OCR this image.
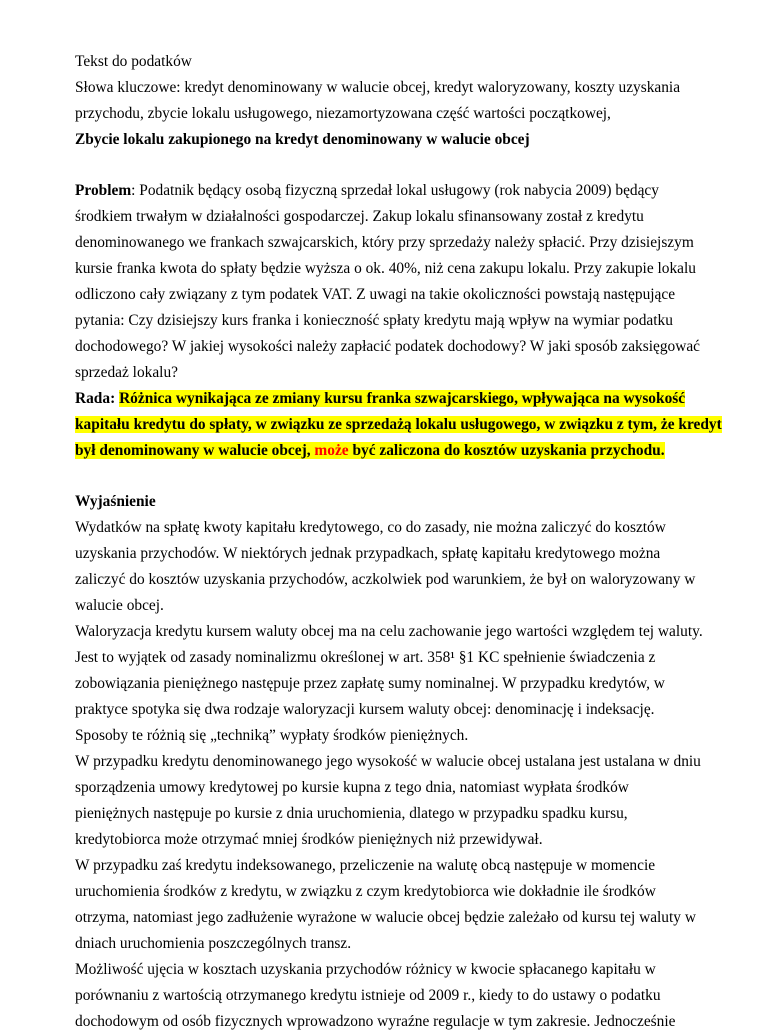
Tekst do podatków
Słowa kluczowe: kredyt denominowany w walucie obcej, kredyt waloryzowany, koszty uzyskania
przychodu, zbycie lokalu usługowego, niezamortyzowana część wartości początkowej,
Zbycie lokalu zakupionego na kredyt denominowany w walucie obcej
Problem: Podatnik będący osobą fizyczną sprzedał lokal usługowy (rok nabycia 2009) będący
środkiem trwałym w działalności gospodarczej. Zakup lokalu sfinansowany został z kredytu
denominowanego we frankach szwajcarskich, który przy sprzedaży należy spłacić. Przy dzisiejszym
kursie franka kwota do spłaty będzie wyższa o ok. 40%, niż cena zakupu lokalu. Przy zakupie lokalu
odliczono cały związany z tym podatek VAT. Z uwagi na takie okoliczności powstają następujące
pytania: Czy dzisiejszy kurs franka i konieczność spłaty kredytu mają wpływ na wymiar podatku
dochodowego? W jakiej wysokości należy zapłacić podatek dochodowy? W jaki sposób zaksięgować
sprzedaż lokalu?
Rada: Różnica wynikająca ze zmiany kursu franka szwajcarskiego, wpływająca na wysokość
kapitału kredytu do spłaty, w związku ze sprzedażą lokalu usługowego, w związku z tym, że kredyt
był denominowany w walucie obcej, może być zaliczona do kosztów uzyskania przychodu.
Wyjaśnienie
Wydatków na spłatę kwoty kapitału kredytowego, co do zasady, nie można zaliczyć do kosztów
uzyskania przychodów. W niektórych jednak przypadkach, spłatę kapitału kredytowego można
zaliczyć do kosztów uzyskania przychodów, aczkolwiek pod warunkiem, że był on waloryzowany w
walucie obcej.
Waloryzacja kredytu kursem waluty obcej ma na celu zachowanie jego wartości względem tej waluty.
Jest to wyjątek od zasady nominalizmu określonej w art. 358¹ §1 KC spełnienie świadczenia z
zobowiązania pieniężnego następuje przez zapłatę sumy nominalnej. W przypadku kredytów, w
praktyce spotyka się dwa rodzaje waloryzacji kursem waluty obcej: denominację i indeksację.
Sposoby te różnią się „techniką” wypłaty środków pieniężnych.
W przypadku kredytu denominowanego jego wysokość w walucie obcej ustalana jest ustalana w dniu
sporządzenia umowy kredytowej po kursie kupna z tego dnia, natomiast wypłata środków
pieniężnych następuje po kursie z dnia uruchomienia, dlatego w przypadku spadku kursu,
kredytobiorca może otrzymać mniej środków pieniężnych niż przewidywał.
W przypadku zaś kredytu indeksowanego, przeliczenie na walutę obcą następuje w momencie
uruchomienia środków z kredytu, w związku z czym kredytobiorca wie dokładnie ile środków
otrzyma, natomiast jego zadłużenie wyrażone w walucie obcej będzie zależało od kursu tej waluty w
dniach uruchomienia poszczególnych transz.
Możliwość ujęcia w kosztach uzyskania przychodów różnicy w kwocie spłacanego kapitału w
porównaniu z wartością otrzymanego kredytu istnieje od 2009 r., kiedy to do ustawy o podatku
dochodowym od osób fizycznych wprowadzono wyraźne regulacje w tym zakresie. Jednocześnie
